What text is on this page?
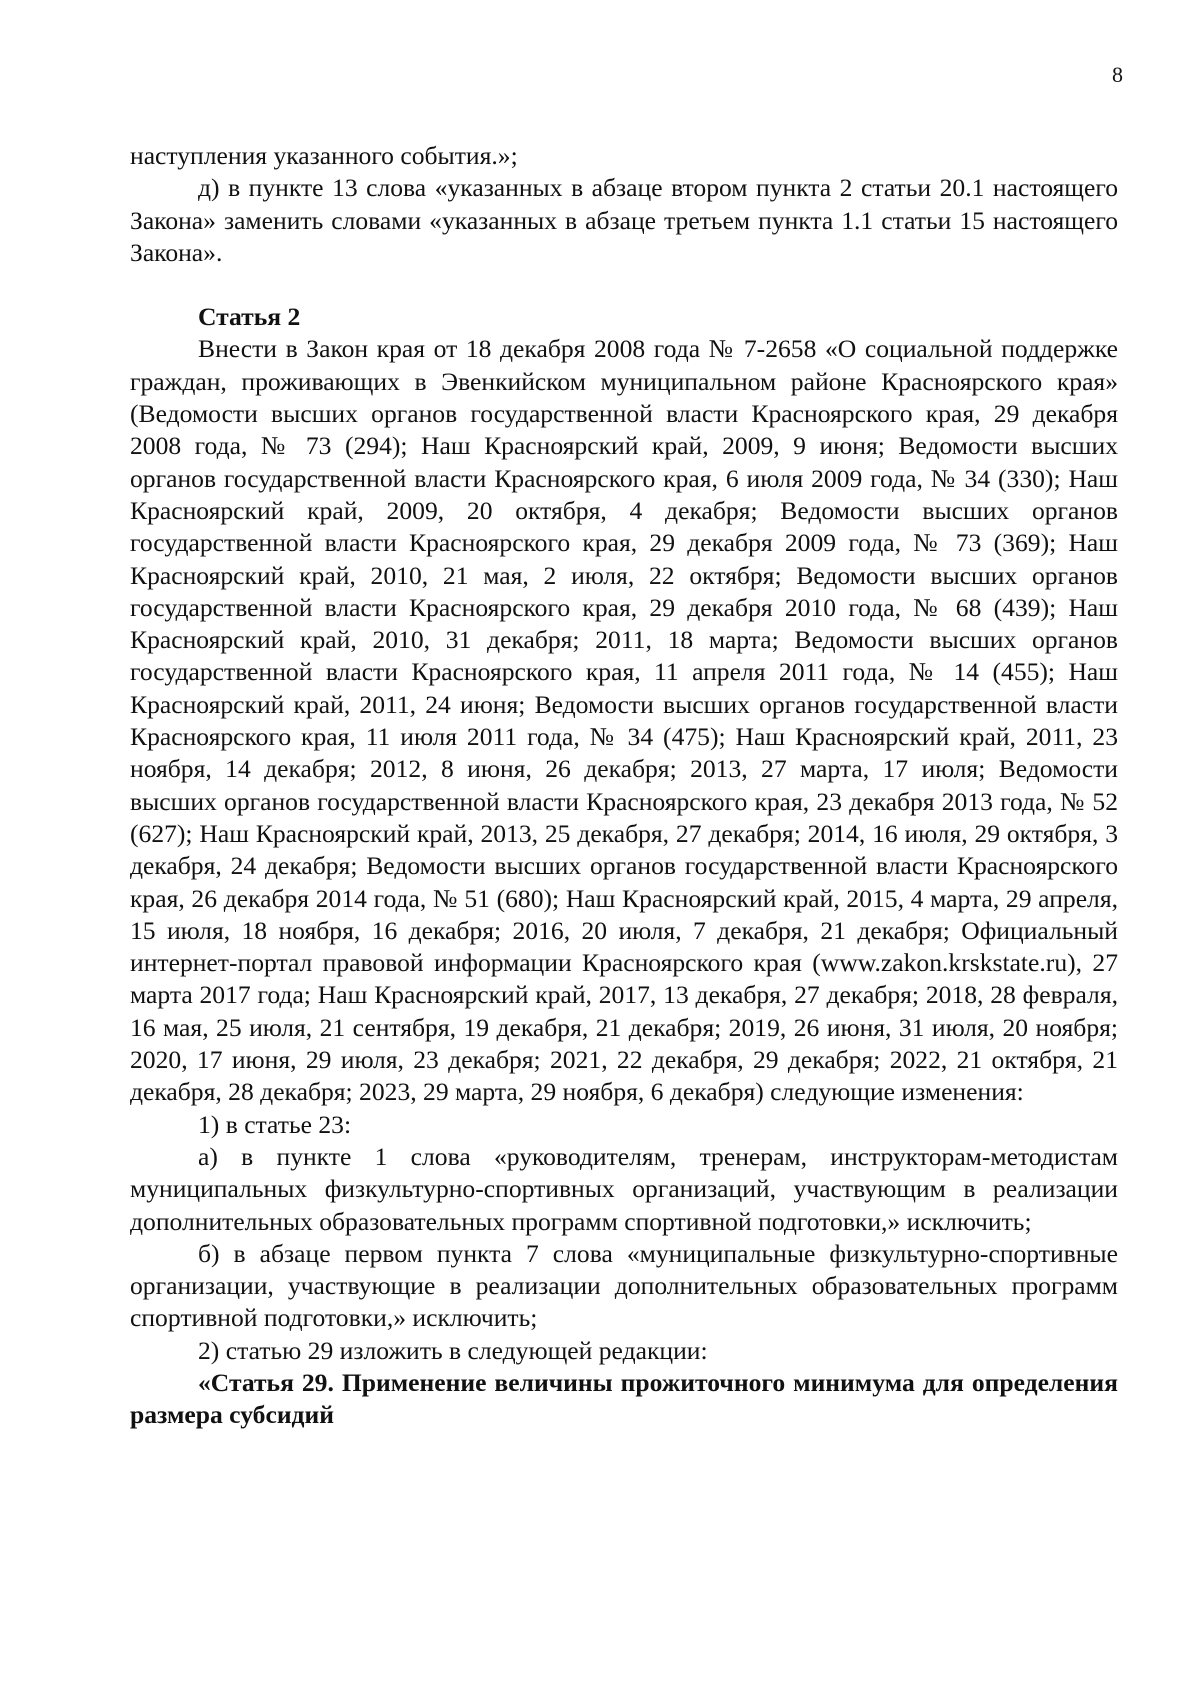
8

наступления указанного события.»;

д) в пункте 13 слова «указанных в абзаце втором пункта 2 статьи 20.1 настоящего Закона» заменить словами «указанных в абзаце третьем пункта 1.1 статьи 15 настоящего Закона».

Статья 2

Внести в Закон края от 18 декабря 2008 года № 7-2658 «О социальной поддержке граждан, проживающих в Эвенкийском муниципальном районе Красноярского края» (Ведомости высших органов государственной власти Красноярского края, 29 декабря 2008 года, № 73 (294); Наш Красноярский край, 2009, 9 июня; Ведомости высших органов государственной власти Красноярского края, 6 июля 2009 года, № 34 (330); Наш Красноярский край, 2009, 20 октября, 4 декабря; Ведомости высших органов государственной власти Красноярского края, 29 декабря 2009 года, № 73 (369); Наш Красноярский край, 2010, 21 мая, 2 июля, 22 октября; Ведомости высших органов государственной власти Красноярского края, 29 декабря 2010 года, № 68 (439); Наш Красноярский край, 2010, 31 декабря; 2011, 18 марта; Ведомости высших органов государственной власти Красноярского края, 11 апреля 2011 года, № 14 (455); Наш Красноярский край, 2011, 24 июня; Ведомости высших органов государственной власти Красноярского края, 11 июля 2011 года, № 34 (475); Наш Красноярский край, 2011, 23 ноября, 14 декабря; 2012, 8 июня, 26 декабря; 2013, 27 марта, 17 июля; Ведомости высших органов государственной власти Красноярского края, 23 декабря 2013 года, № 52 (627); Наш Красноярский край, 2013, 25 декабря, 27 декабря; 2014, 16 июля, 29 октября, 3 декабря, 24 декабря; Ведомости высших органов государственной власти Красноярского края, 26 декабря 2014 года, № 51 (680); Наш Красноярский край, 2015, 4 марта, 29 апреля, 15 июля, 18 ноября, 16 декабря; 2016, 20 июля, 7 декабря, 21 декабря; Официальный интернет-портал правовой информации Красноярского края (www.zakon.krskstate.ru), 27 марта 2017 года; Наш Красноярский край, 2017, 13 декабря, 27 декабря; 2018, 28 февраля, 16 мая, 25 июля, 21 сентября, 19 декабря, 21 декабря; 2019, 26 июня, 31 июля, 20 ноября; 2020, 17 июня, 29 июля, 23 декабря; 2021, 22 декабря, 29 декабря; 2022, 21 октября, 21 декабря, 28 декабря; 2023, 29 марта, 29 ноября, 6 декабря) следующие изменения:

1) в статье 23:

а) в пункте 1 слова «руководителям, тренерам, инструкторам-методистам муниципальных физкультурно-спортивных организаций, участвующим в реализации дополнительных образовательных программ спортивной подготовки,» исключить;

б) в абзаце первом пункта 7 слова «муниципальные физкультурно-спортивные организации, участвующие в реализации дополнительных образовательных программ спортивной подготовки,» исключить;

2) статью 29 изложить в следующей редакции:

«Статья 29. Применение величины прожиточного минимума для определения размера субсидий
